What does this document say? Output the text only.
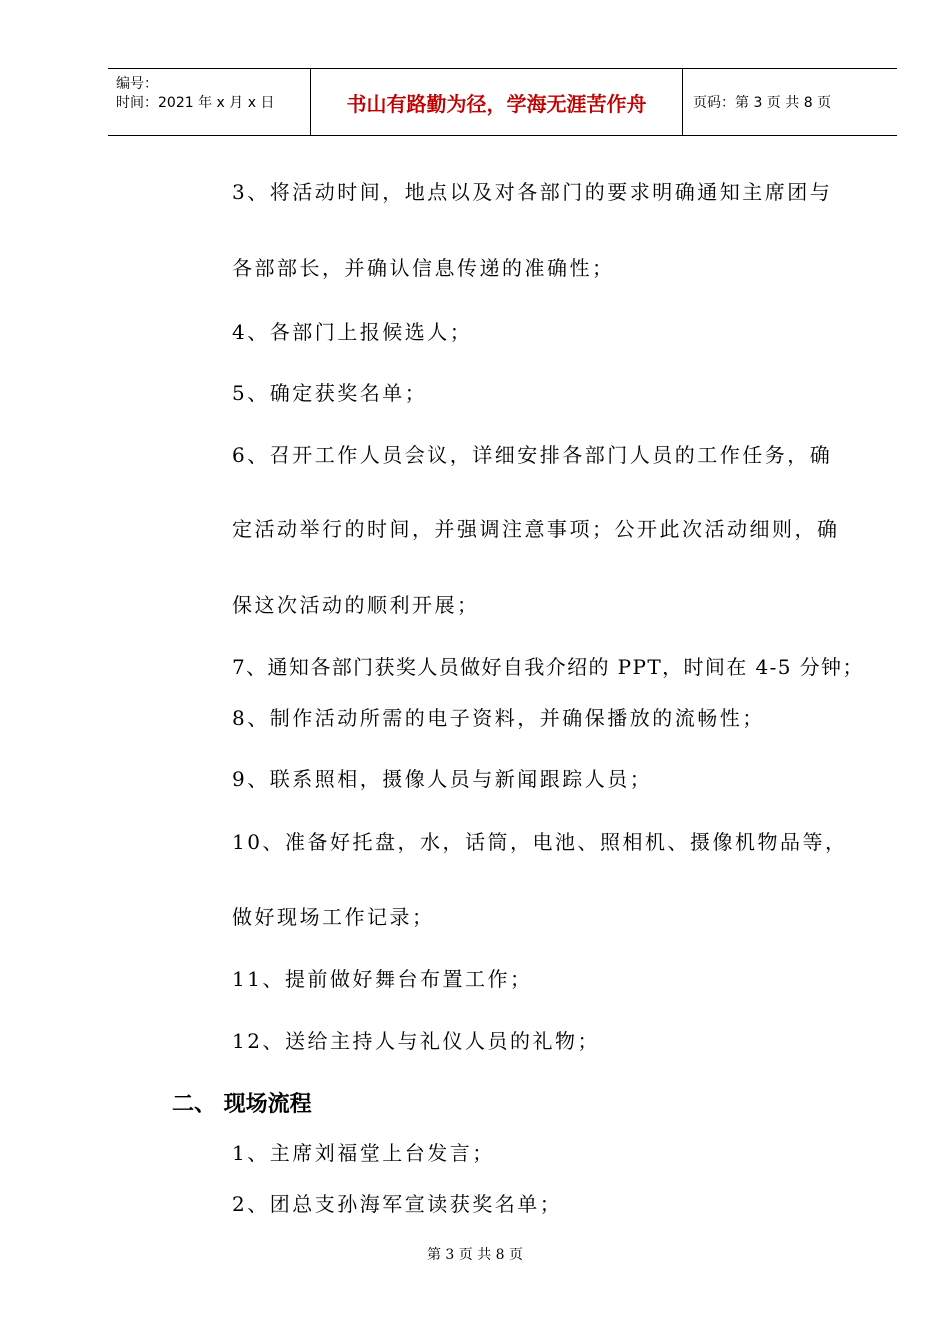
编号：
时间：2021 年 x 月 x 日	书山有路勤为径，学海无涯苦作舟	页码：第 3 页 共 8 页
3、将活动时间，地点以及对各部门的要求明确通知主席团与
各部部长，并确认信息传递的准确性；
4、各部门上报候选人；
5、确定获奖名单；
6、召开工作人员会议，详细安排各部门人员的工作任务，确
定活动举行的时间，并强调注意事项；公开此次活动细则，确
保这次活动的顺利开展；
7、通知各部门获奖人员做好自我介绍的 PPT，时间在 4-5 分钟；
8、制作活动所需的电子资料，并确保播放的流畅性；
9、联系照相，摄像人员与新闻跟踪人员；
10、准备好托盘，水，话筒，电池、照相机、摄像机物品等，
做好现场工作记录；
11、提前做好舞台布置工作；
12、送给主持人与礼仪人员的礼物；
二、 现场流程
1、主席刘福堂上台发言；
2、团总支孙海军宣读获奖名单；
第 3 页 共 8 页
